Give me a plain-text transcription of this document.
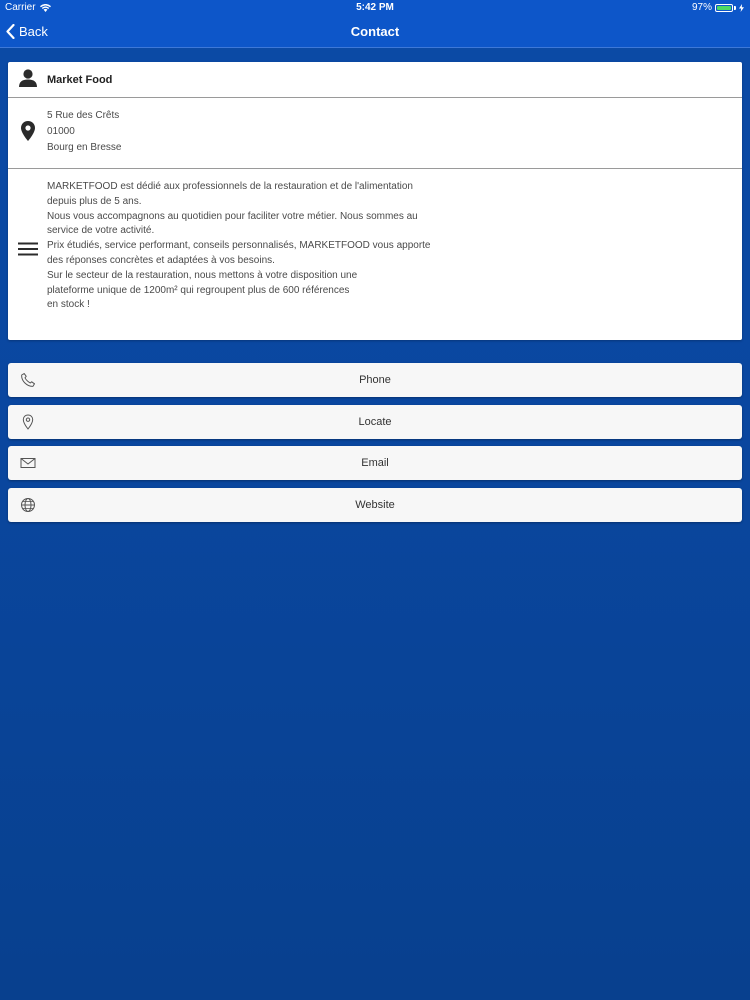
Carrier	5:42 PM	97%
Back	Contact
Market Food
5 Rue des Crêts
01000
Bourg en Bresse
MARKETFOOD est dédié aux professionnels de la restauration et de l'alimentation
depuis plus de 5 ans.
Nous vous accompagnons au quotidien pour faciliter votre métier. Nous sommes au
service de votre activité.
Prix étudiés, service performant, conseils personnalisés, MARKETFOOD vous apporte
des réponses concrètes et adaptées à vos besoins.
Sur le secteur de la restauration, nous mettons à votre disposition une
plateforme unique de 1200m² qui regroupent plus de 600 références
en stock !
Phone
Locate
Email
Website
